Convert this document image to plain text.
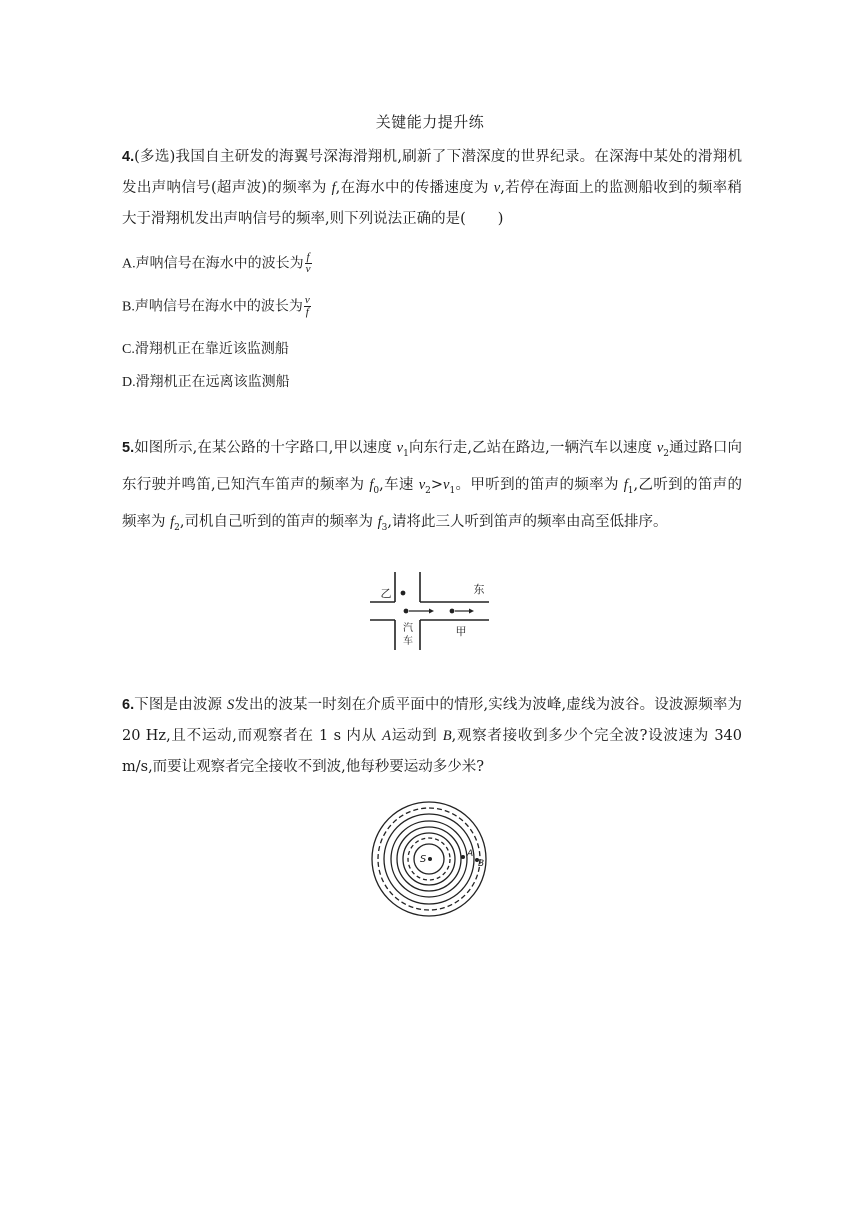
关键能力提升练
4.(多选)我国自主研发的海翼号深海滑翔机,刷新了下潜深度的世界纪录。在深海中某处的滑翔机发出声呐信号(超声波)的频率为 f,在海水中的传播速度为 v,若停在海面上的监测船收到的频率稍大于滑翔机发出声呐信号的频率,则下列说法正确的是( )
A.声呐信号在海水中的波长为 $\frac{f}{v}$
B.声呐信号在海水中的波长为 $\frac{v}{f}$
C.滑翔机正在靠近该监测船
D.滑翔机正在远离该监测船
5.如图所示,在某公路的十字路口,甲以速度 $v_1$向东行走,乙站在路边,一辆汽车以速度 $v_2$通过路口向东行驶并鸣笛,已知汽车笛声的频率为 $f_0$,车速 $v_2>v_1$。甲听到的笛声的频率为 $f_1$,乙听到的笛声的频率为 $f_2$,司机自己听到的笛声的频率为 $f_3$,请将此三人听到笛声的频率由高至低排序。
乙	东
汽
车
甲
6.下图是由波源 S发出的波某一时刻在介质平面中的情形,实线为波峰,虚线为波谷。设波源频率为 20 Hz,且不运动,而观察者在 1 s 内从 A运动到 B,观察者接收到多少个完全波?设波速为 340 m/s,而要让观察者完全接收不到波,他每秒要运动多少米?
S	A
B
